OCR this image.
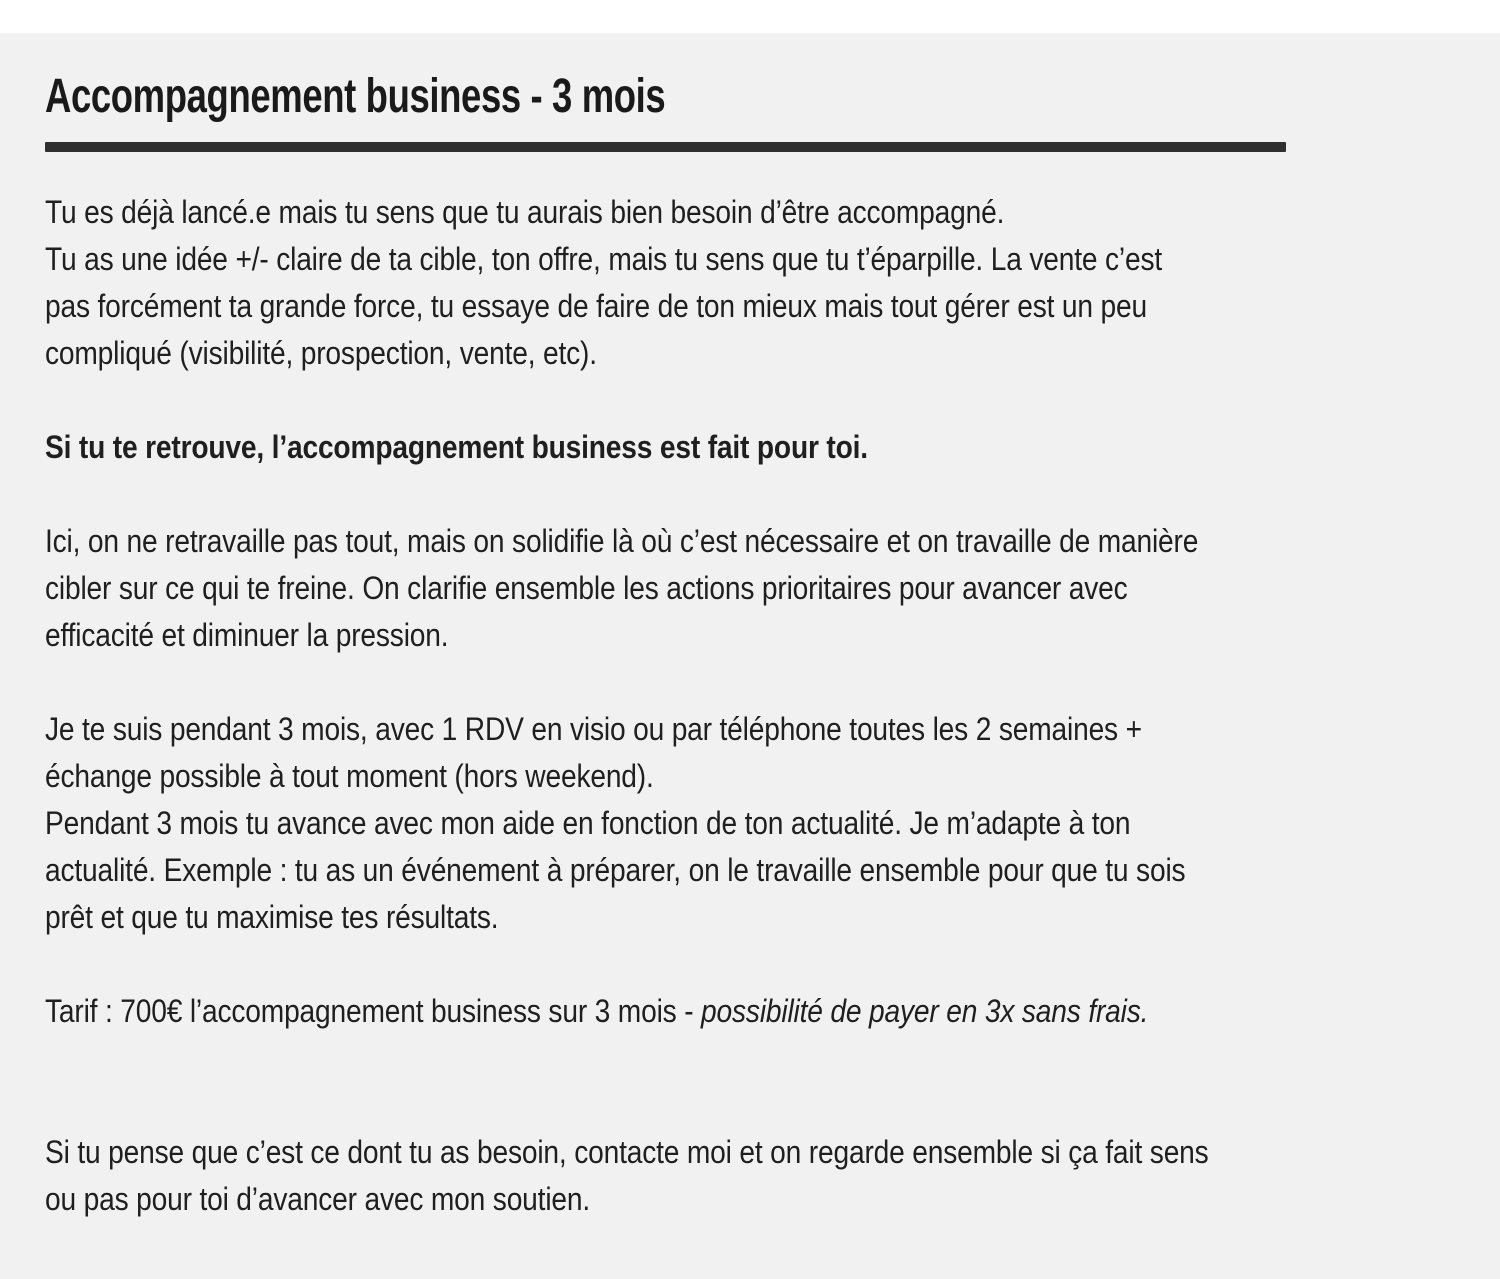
Accompagnement business - 3 mois
Tu es déjà lancé.e mais tu sens que tu aurais bien besoin d’être accompagné.
Tu as une idée +/- claire de ta cible, ton offre, mais tu sens que tu t’éparpille. La vente c’est
pas forcément ta grande force, tu essaye de faire de ton mieux mais tout gérer est un peu
compliqué (visibilité, prospection, vente, etc).
Si tu te retrouve, l’accompagnement business est fait pour toi.
Ici, on ne retravaille pas tout, mais on solidifie là où c’est nécessaire et on travaille de manière
cibler sur ce qui te freine. On clarifie ensemble les actions prioritaires pour avancer avec
efficacité et diminuer la pression.
Je te suis pendant 3 mois, avec 1 RDV en visio ou par téléphone toutes les 2 semaines +
échange possible à tout moment (hors weekend).
Pendant 3 mois tu avance avec mon aide en fonction de ton actualité. Je m’adapte à ton
actualité. Exemple : tu as un événement à préparer, on le travaille ensemble pour que tu sois
prêt et que tu maximise tes résultats.
Tarif : 700€ l’accompagnement business sur 3 mois - possibilité de payer en 3x sans frais.
Si tu pense que c’est ce dont tu as besoin, contacte moi et on regarde ensemble si ça fait sens
ou pas pour toi d’avancer avec mon soutien.
